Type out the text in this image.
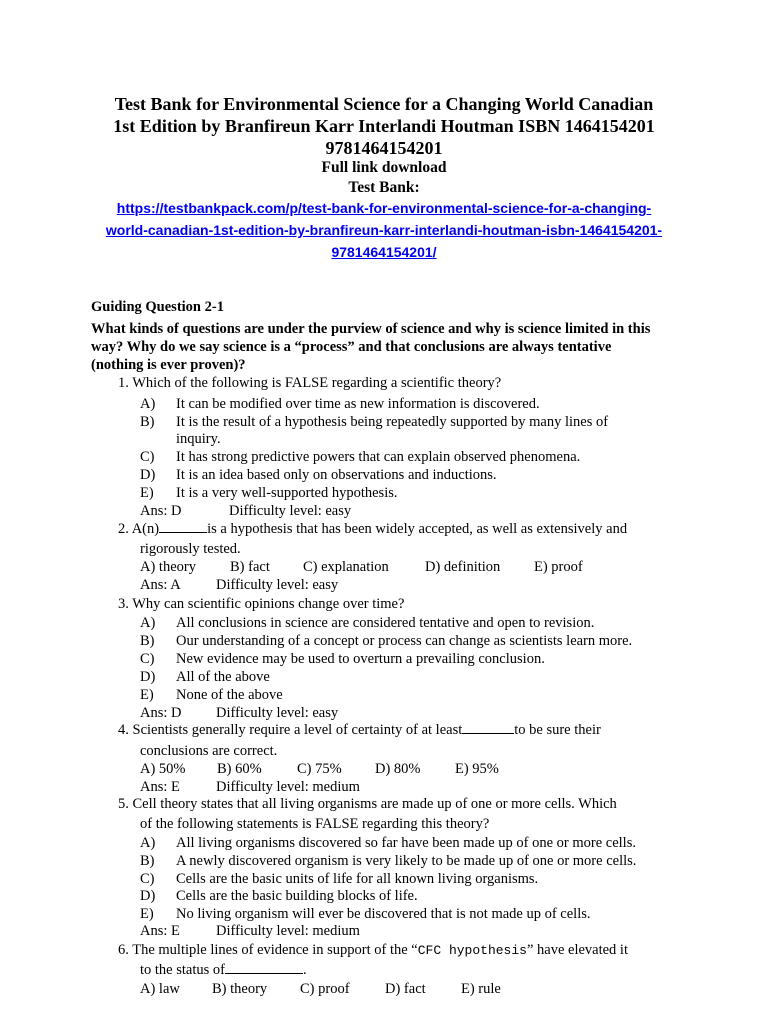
Test Bank for Environmental Science for a Changing World Canadian
1st Edition by Branfireun Karr Interlandi Houtman ISBN 1464154201
9781464154201
Full link download
Test Bank:
https://testbankpack.com/p/test-bank-for-environmental-science-for-a-changing-
world-canadian-1st-edition-by-branfireun-karr-interlandi-houtman-isbn-1464154201-
9781464154201/
Guiding Question 2-1
What kinds of questions are under the purview of science and why is science limited in this
way? Why do we say science is a “process” and that conclusions are always tentative
(nothing is ever proven)?
1. Which of the following is FALSE regarding a scientific theory?
A) It can be modified over time as new information is discovered.
B) It is the result of a hypothesis being repeatedly supported by many lines of
inquiry.
C) It has strong predictive powers that can explain observed phenomena.
D) It is an idea based only on observations and inductions.
E) It is a very well-supported hypothesis.
Ans: D	Difficulty level: easy
2. A(n)	is a hypothesis that has been widely accepted, as well as extensively and
rigorously tested.
A) theory B) fact C) explanation D) definition E) proof
Ans: A Difficulty level: easy
3. Why can scientific opinions change over time?
A) All conclusions in science are considered tentative and open to revision.
B) Our understanding of a concept or process can change as scientists learn more.
C) New evidence may be used to overturn a prevailing conclusion.
D) All of the above
E) None of the above
Ans: D Difficulty level: easy
4. Scientists generally require a level of certainty of at least	to be sure their
conclusions are correct.
A) 50% B) 60% C) 75% D) 80% E) 95%
Ans: E Difficulty level: medium
5. Cell theory states that all living organisms are made up of one or more cells. Which
of the following statements is FALSE regarding this theory?
A) All living organisms discovered so far have been made up of one or more cells.
B) A newly discovered organism is very likely to be made up of one or more cells.
C) Cells are the basic units of life for all known living organisms.
D) Cells are the basic building blocks of life.
E) No living organism will ever be discovered that is not made up of cells.
Ans: E Difficulty level: medium
6. The multiple lines of evidence in support of the “CFC hypothesis” have elevated it
to the status of	.
A) law B) theory C) proof D) fact E) rule
